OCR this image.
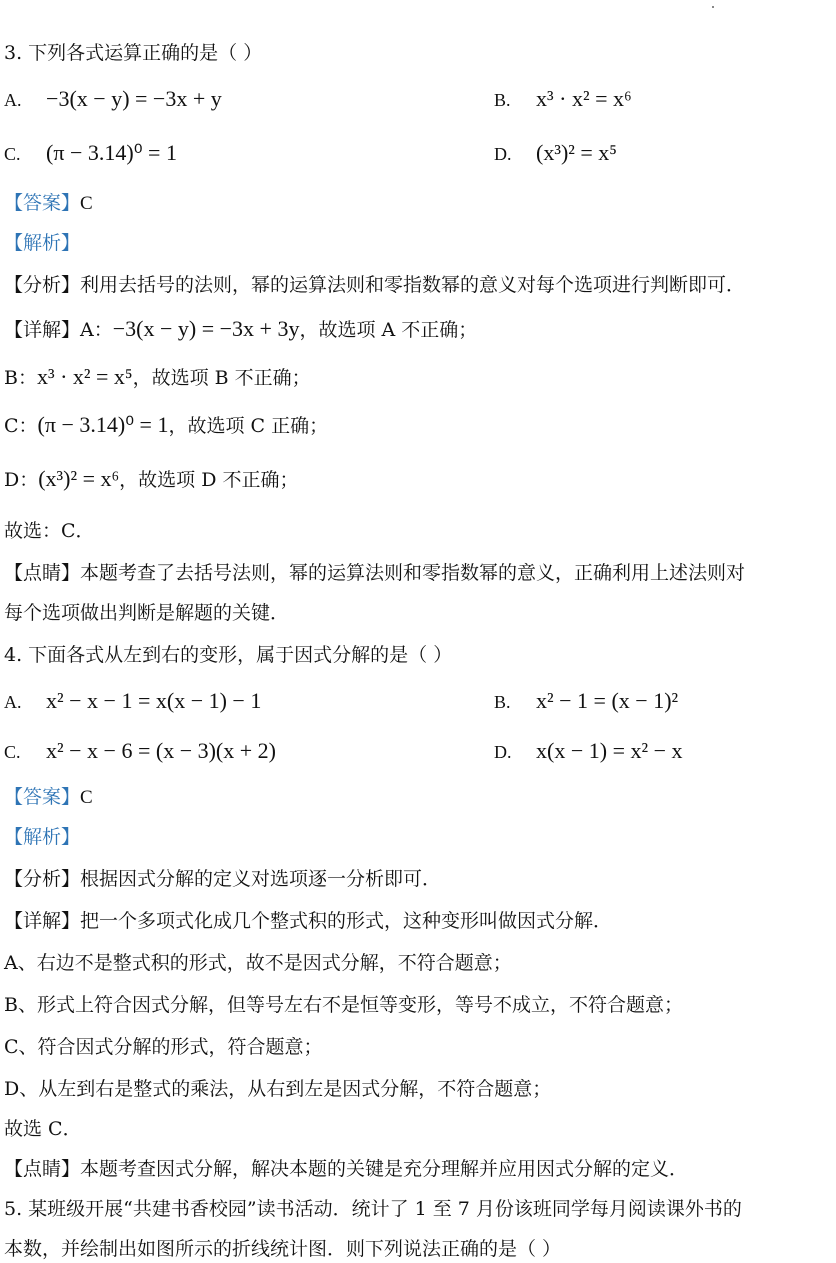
3. 下列各式运算正确的是（ ）
A. −3(x − y) = −3x + y	B. x³ · x² = x⁶
C. (π − 3.14)⁰ = 1	D. (x³)² = x⁵
【答案】C
【解析】
【分析】利用去括号的法则，幂的运算法则和零指数幂的意义对每个选项进行判断即可．
【详解】A：−3(x − y) = −3x + 3y，故选项 A 不正确；
B：x³ · x² = x⁵，故选项 B 不正确；
C：(π − 3.14)⁰ = 1，故选项 C 正确；
D：(x³)² = x⁶，故选项 D 不正确；
故选：C．
【点睛】本题考查了去括号法则，幂的运算法则和零指数幂的意义，正确利用上述法则对
每个选项做出判断是解题的关键．
4. 下面各式从左到右的变形，属于因式分解的是（ ）
A. x² − x − 1 = x(x − 1) − 1	B. x² − 1 = (x − 1)²
C. x² − x − 6 = (x − 3)(x + 2)	D. x(x − 1) = x² − x
【答案】C
【解析】
【分析】根据因式分解的定义对选项逐一分析即可．
【详解】把一个多项式化成几个整式积的形式，这种变形叫做因式分解．
A、右边不是整式积的形式，故不是因式分解，不符合题意；
B、形式上符合因式分解，但等号左右不是恒等变形，等号不成立，不符合题意；
C、符合因式分解的形式，符合题意；
D、从左到右是整式的乘法，从右到左是因式分解，不符合题意；
故选 C．
【点睛】本题考查因式分解，解决本题的关键是充分理解并应用因式分解的定义．
5. 某班级开展“共建书香校园”读书活动．统计了 1 至 7 月份该班同学每月阅读课外书的
本数，并绘制出如图所示的折线统计图．则下列说法正确的是（ ）
